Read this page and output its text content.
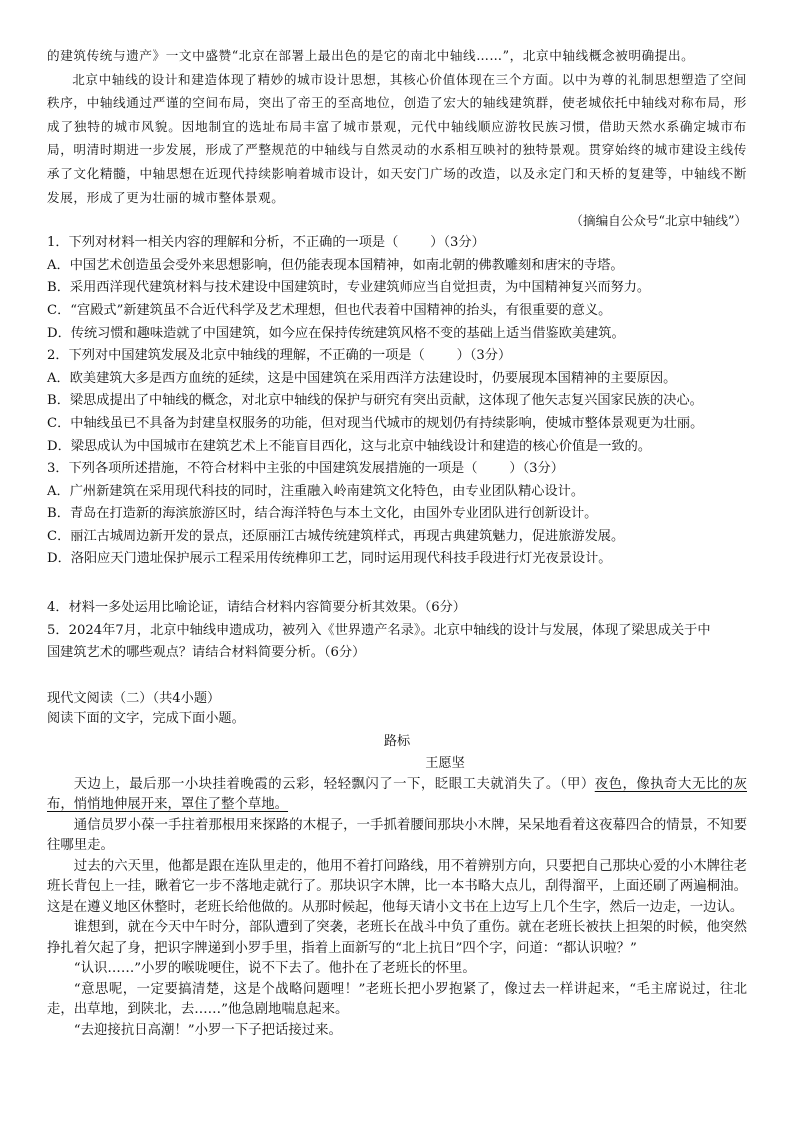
的建筑传统与遗产》一文中盛赞“北京在部署上最出色的是它的南北中轴线……”，北京中轴线概念被明确提出。

北京中轴线的设计和建造体现了精妙的城市设计思想，其核心价值体现在三个方面。以中为尊的礼制思想塑造了空间秩序，中轴线通过严谨的空间布局，突出了帝王的至高地位，创造了宏大的轴线建筑群，使老城依托中轴线对称布局，形成了独特的城市风貌。因地制宜的选址布局丰富了城市景观，元代中轴线顺应游牧民族习惯，借助天然水系确定城市布局，明清时期进一步发展，形成了严整规范的中轴线与自然灵动的水系相互映衬的独特景观。贯穿始终的城市建设主线传承了文化精髓，中轴思想在近现代持续影响着城市设计，如天安门广场的改造，以及永定门和天桥的复建等，中轴线不断发展，形成了更为壮丽的城市整体景观。

（摘编自公众号“北京中轴线”）

1．下列对材料一相关内容的理解和分析，不正确的一项是（ ）（3分）

A．中国艺术创造虽会受外来思想影响，但仍能表现本国精神，如南北朝的佛教雕刻和唐宋的寺塔。

B．采用西洋现代建筑材料与技术建设中国建筑时，专业建筑师应当自觉担责，为中国精神复兴而努力。

C．“宫殿式”新建筑虽不合近代科学及艺术理想，但也代表着中国精神的抬头，有很重要的意义。

D．传统习惯和趣味造就了中国建筑，如今应在保持传统建筑风格不变的基础上适当借鉴欧美建筑。

2．下列对中国建筑发展及北京中轴线的理解，不正确的一项是（ ）（3分）

A．欧美建筑大多是西方血统的延续，这是中国建筑在采用西洋方法建设时，仍要展现本国精神的主要原因。

B．梁思成提出了中轴线的概念，对北京中轴线的保护与研究有突出贡献，这体现了他矢志复兴国家民族的决心。

C．中轴线虽已不具备为封建皇权服务的功能，但对现当代城市的规划仍有持续影响，使城市整体景观更为壮丽。

D．梁思成认为中国城市在建筑艺术上不能盲目西化，这与北京中轴线设计和建造的核心价值是一致的。

3．下列各项所述措施，不符合材料中主张的中国建筑发展措施的一项是（ ）（3分）

A．广州新建筑在采用现代科技的同时，注重融入岭南建筑文化特色，由专业团队精心设计。

B．青岛在打造新的海滨旅游区时，结合海洋特色与本土文化，由国外专业团队进行创新设计。

C．丽江古城周边新开发的景点，还原丽江古城传统建筑样式，再现古典建筑魅力，促进旅游发展。

D．洛阳应天门遗址保护展示工程采用传统榫卯工艺，同时运用现代科技手段进行灯光夜景设计。

4．材料一多处运用比喻论证，请结合材料内容简要分析其效果。（6分）

5．2024年7月，北京中轴线申遗成功，被列入《世界遗产名录》。北京中轴线的设计与发展，体现了梁思成关于中

国建筑艺术的哪些观点？请结合材料简要分析。（6分）

现代文阅读（二）（共4小题）

阅读下面的文字，完成下面小题。

路标

王愿坚

天边上，最后那一小块挂着晚霞的云彩，轻轻飘闪了一下，眨眼工夫就消失了。（甲）夜色，像执奇大无比的灰布，悄悄地伸展开来，罩住了整个草地。

通信员罗小葆一手拄着那根用来探路的木棍子，一手抓着腰间那块小木牌，呆呆地看着这夜幕四合的情景，不知要往哪里走。

过去的六天里，他都是跟在连队里走的，他用不着打问路线，用不着辨别方向，只要把自己那块心爱的小木牌往老班长背包上一挂，瞅着它一步不落地走就行了。那块识字木牌，比一本书略大点儿，刮得溜平，上面还刷了两遍桐油。这是在遵义地区休整时，老班长给他做的。从那时候起，他每天请小文书在上边写上几个生字，然后一边走，一边认。

谁想到，就在今天中午时分，部队遭到了突袭，老班长在战斗中负了重伤。就在老班长被扶上担架的时候，他突然挣扎着欠起了身，把识字牌递到小罗手里，指着上面新写的“北上抗日”四个字，问道：“都认识啦？”

“认识……”小罗的喉咙哽住，说不下去了。他扑在了老班长的怀里。

“意思呢，一定要搞清楚，这是个战略问题哩！”老班长把小罗抱紧了，像过去一样讲起来，“毛主席说过，往北走，出草地，到陕北，去……”他急剧地喘息起来。

“去迎接抗日高潮！”小罗一下子把话接过来。
